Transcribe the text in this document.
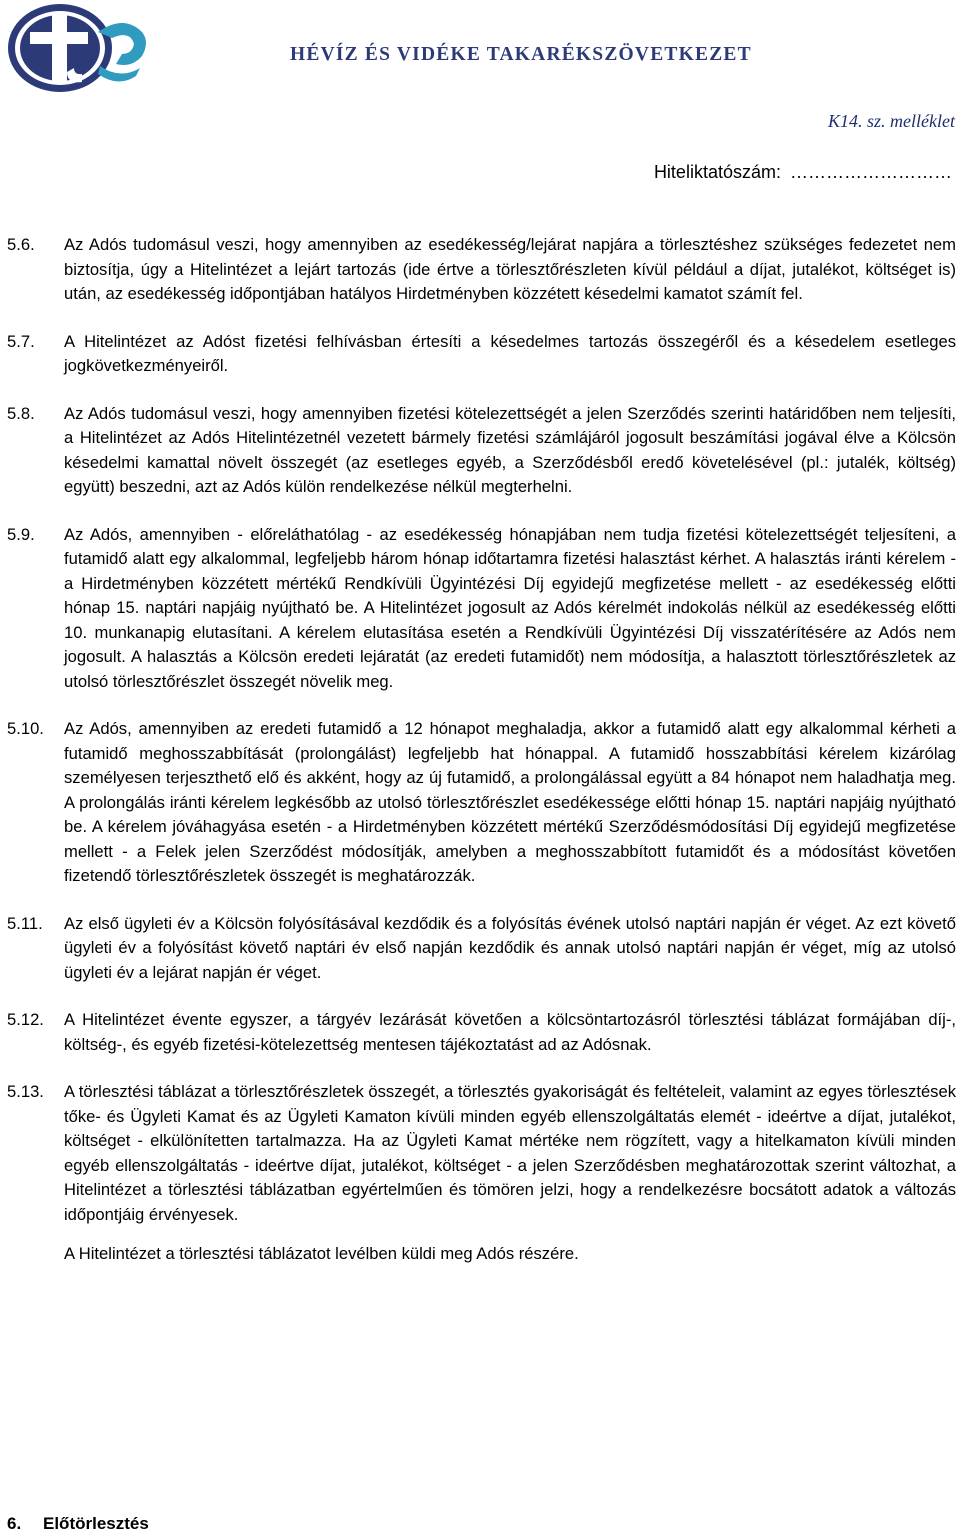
HÉVÍZ ÉS VIDÉKE TAKARÉKSZÖVETKEZET
K14. sz. melléklet
Hiteliktatószám: ………………………
5.6.	Az Adós tudomásul veszi, hogy amennyiben az esedékesség/lejárat napjára a törlesztéshez szükséges fedezetet nem biztosítja, úgy a Hitelintézet a lejárt tartozás (ide értve a törlesztőrészleten kívül például a díjat, jutalékot, költséget is) után, az esedékesség időpontjában hatályos Hirdetményben közzétett késedelmi kamatot számít fel.
5.7.	A Hitelintézet az Adóst fizetési felhívásban értesíti a késedelmes tartozás összegéről és a késedelem esetleges jogkövetkezményeiről.
5.8.	Az Adós tudomásul veszi, hogy amennyiben fizetési kötelezettségét a jelen Szerződés szerinti határidőben nem teljesíti, a Hitelintézet az Adós Hitelintézetnél vezetett bármely fizetési számlájáról jogosult beszámítási jogával élve a Kölcsön késedelmi kamattal növelt összegét (az esetleges egyéb, a Szerződésből eredő követelésével (pl.: jutalék, költség) együtt) beszedni, azt az Adós külön rendelkezése nélkül megterhelni.
5.9.	Az Adós, amennyiben - előreláthatólag - az esedékesség hónapjában nem tudja fizetési kötelezettségét teljesíteni, a futamidő alatt egy alkalommal, legfeljebb három hónap időtartamra fizetési halasztást kérhet. A halasztás iránti kérelem - a Hirdetményben közzétett mértékű Rendkívüli Ügyintézési Díj egyidejű megfizetése mellett - az esedékesség előtti hónap 15. naptári napjáig nyújtható be. A Hitelintézet jogosult az Adós kérelmét indokolás nélkül az esedékesség előtti 10. munkanapig elutasítani. A kérelem elutasítása esetén a Rendkívüli Ügyintézési Díj visszatérítésére az Adós nem jogosult. A halasztás a Kölcsön eredeti lejáratát (az eredeti futamidőt) nem módosítja, a halasztott törlesztőrészletek az utolsó törlesztőrészlet összegét növelik meg.
5.10.	Az Adós, amennyiben az eredeti futamidő a 12 hónapot meghaladja, akkor a futamidő alatt egy alkalommal kérheti a futamidő meghosszabbítását (prolongálást) legfeljebb hat hónappal. A futamidő hosszabbítási kérelem kizárólag személyesen terjeszthető elő és akként, hogy az új futamidő, a prolongálással együtt a 84 hónapot nem haladhatja meg. A prolongálás iránti kérelem legkésőbb az utolsó törlesztőrészlet esedékessége előtti hónap 15. naptári napjáig nyújtható be. A kérelem jóváhagyása esetén - a Hirdetményben közzétett mértékű Szerződésmódosítási Díj egyidejű megfizetése mellett - a Felek jelen Szerződést módosítják, amelyben a meghosszabbított futamidőt és a módosítást követően fizetendő törlesztőrészletek összegét is meghatározzák.
5.11.	Az első ügyleti év a Kölcsön folyósításával kezdődik és a folyósítás évének utolsó naptári napján ér véget. Az ezt követő ügyleti év a folyósítást követő naptári év első napján kezdődik és annak utolsó naptári napján ér véget, míg az utolsó ügyleti év a lejárat napján ér véget.
5.12.	A Hitelintézet évente egyszer, a tárgyév lezárását követően a kölcsöntartozásról törlesztési táblázat formájában díj-, költség-, és egyéb fizetési-kötelezettség mentesen tájékoztatást ad az Adósnak.
5.13.	A törlesztési táblázat a törlesztőrészletek összegét, a törlesztés gyakoriságát és feltételeit, valamint az egyes törlesztések tőke- és Ügyleti Kamat és az Ügyleti Kamaton kívüli minden egyéb ellenszolgáltatás elemét - ideértve a díjat, jutalékot, költséget - elkülönítetten tartalmazza. Ha az Ügyleti Kamat mértéke nem rögzített, vagy a hitelkamaton kívüli minden egyéb ellenszolgáltatás - ideértve díjat, jutalékot, költséget - a jelen Szerződésben meghatározottak szerint változhat, a Hitelintézet a törlesztési táblázatban egyértelműen és tömören jelzi, hogy a rendelkezésre bocsátott adatok a változás időpontjáig érvényesek.
A Hitelintézet a törlesztési táblázatot levélben küldi meg Adós részére.
6. Előtörlesztés
